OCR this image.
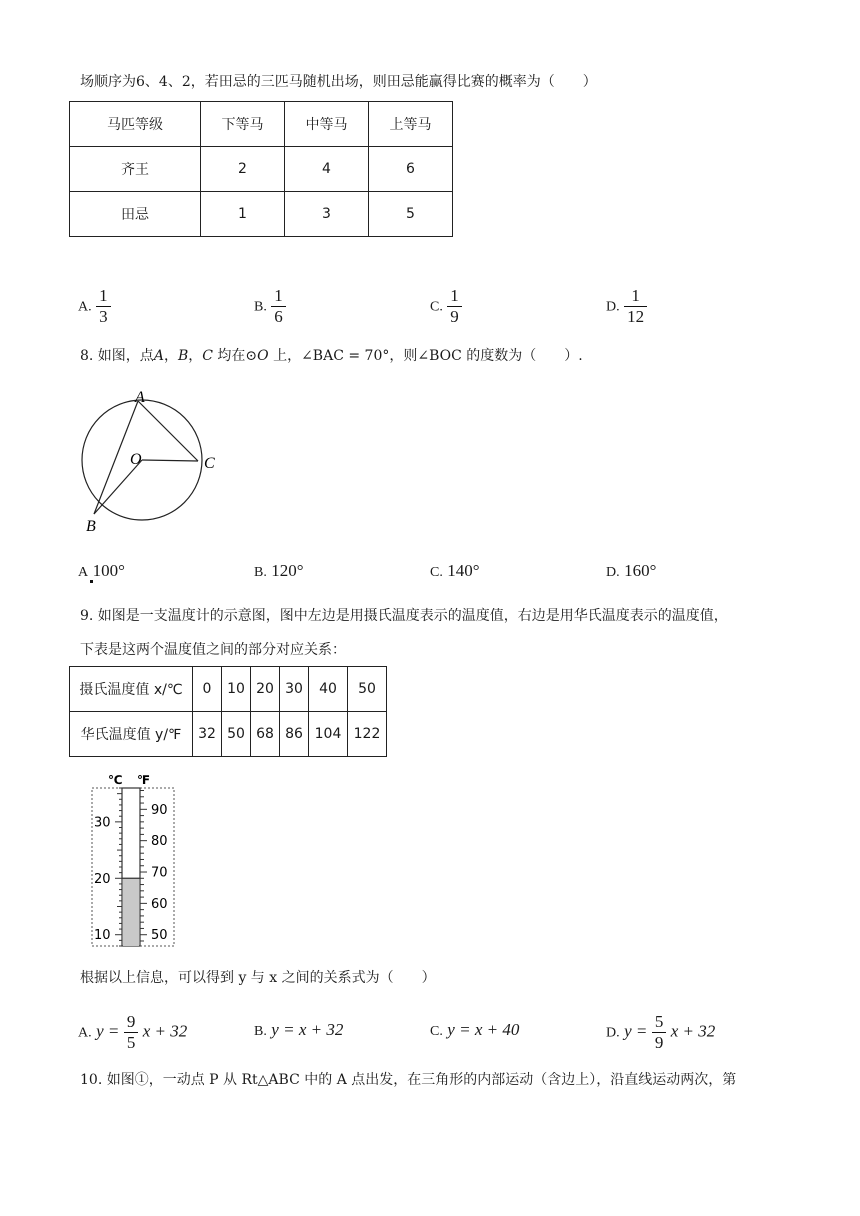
场顺序为6、4、2，若田忌的三匹马随机出场，则田忌能赢得比赛的概率为（　　）
马匹等级	下等马	中等马	上等马
齐王	2	4	6
田忌	1	3	5
A. $\frac{1}{3}$	B. $\frac{1}{6}$	C. $\frac{1}{9}$	D. $\frac{1}{12}$
8. 如图，点A，B，C 均在⊙O 上，∠BAC = 70°，则∠BOC 的度数为（　　）.
A
O	C
B
A 100°	B. 120°	C. 140°	D. 160°
9. 如图是一支温度计的示意图，图中左边是用摄氏温度表示的温度值，右边是用华氏温度表示的温度值，
下表是这两个温度值之间的部分对应关系：
摄氏温度值 x/℃	0	10	20	30	40	50
华氏温度值 y/℉	32	50	68	86	104	122
℃ ℉
30
20
10
90
80
70
60
50
根据以上信息，可以得到 y 与 x 之间的关系式为（　　）
A. $y = \frac{9}{5}$ x + 32	B. y = x + 32	C. y = x + 40	D. $y = \frac{5}{9}$ x + 32
10. 如图①，一动点 P 从 Rt△ABC 中的 A 点出发，在三角形的内部运动（含边上），沿直线运动两次，第
